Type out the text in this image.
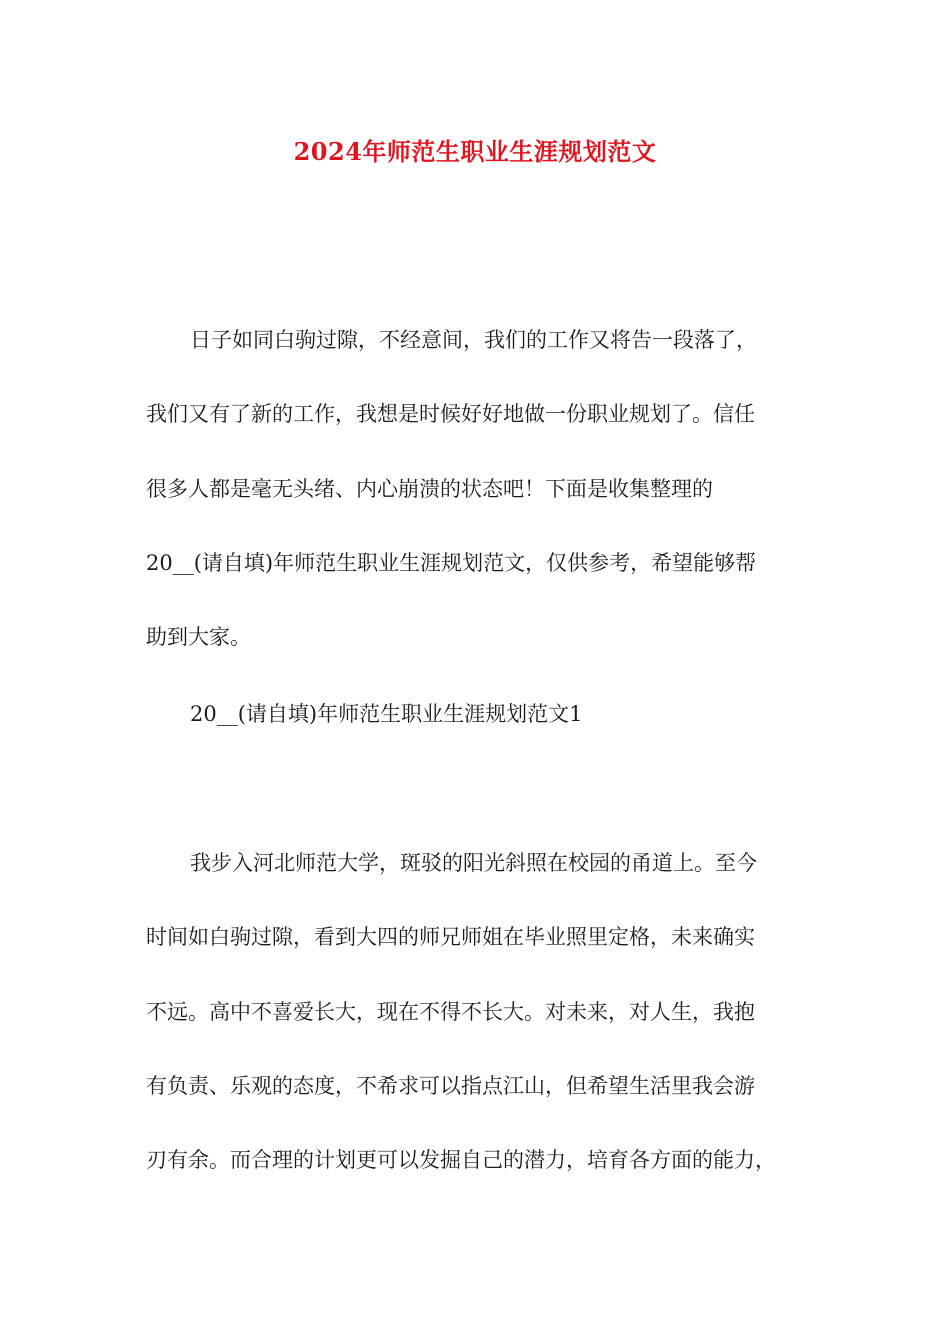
2024年师范生职业生涯规划范文
日子如同白驹过隙，不经意间，我们的工作又将告一段落了，
我们又有了新的工作，我想是时候好好地做一份职业规划了。信任
很多人都是毫无头绪、内心崩溃的状态吧！下面是收集整理的
20__(请自填)年师范生职业生涯规划范文，仅供参考，希望能够帮
助到大家。
20__(请自填)年师范生职业生涯规划范文1
我步入河北师范大学，斑驳的阳光斜照在校园的甬道上。至今
时间如白驹过隙，看到大四的师兄师姐在毕业照里定格，未来确实
不远。高中不喜爱长大，现在不得不长大。对未来，对人生，我抱
有负责、乐观的态度，不希求可以指点江山，但希望生活里我会游
刃有余。而合理的计划更可以发掘自己的潜力，培育各方面的能力，
